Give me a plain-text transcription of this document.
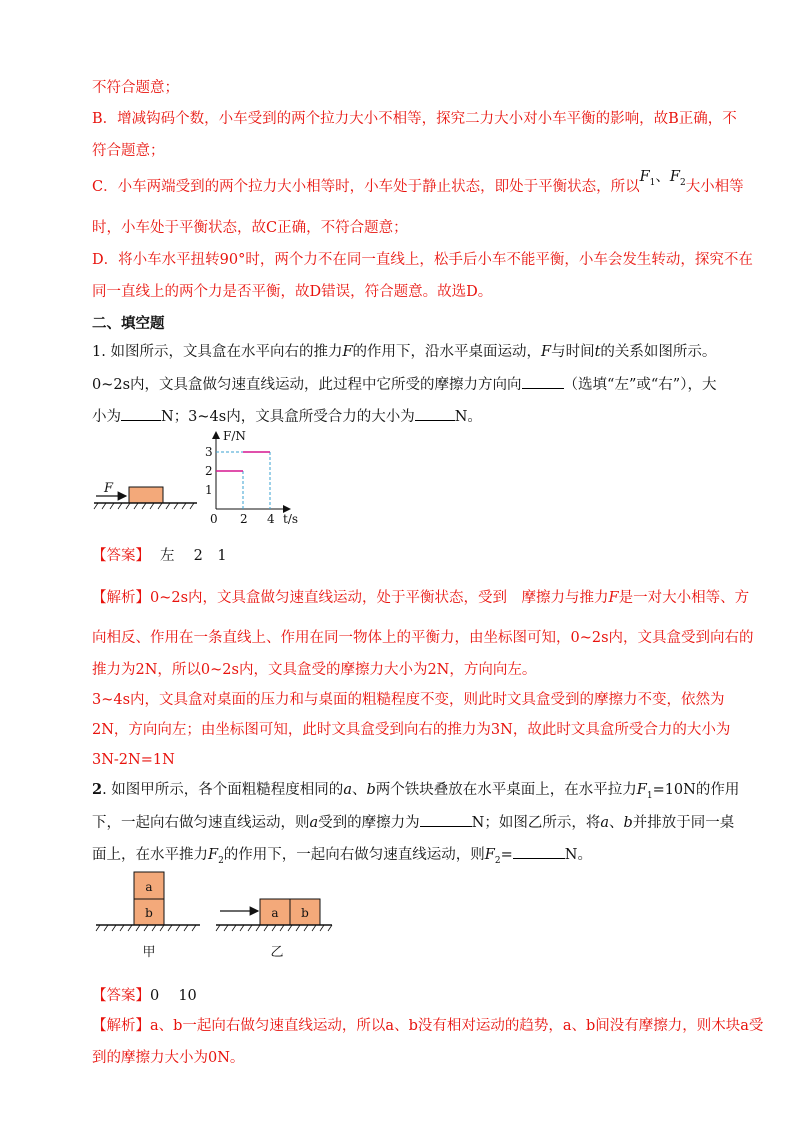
不符合题意；
B．增减钩码个数，小车受到的两个拉力大小不相等，探究二力大小对小车平衡的影响，故B正确，不
符合题意；
C．小车两端受到的两个拉力大小相等时，小车处于静止状态，即处于平衡状态，所以$F_1$、$F_2$大小相等
时，小车处于平衡状态，故C正确，不符合题意；
D．将小车水平扭转90°时，两个力不在同一直线上，松手后小车不能平衡，小车会发生转动，探究不在
同一直线上的两个力是否平衡，故D错误，符合题意。故选D。
二、填空题
1. 如图所示，文具盒在水平向右的推力F的作用下，沿水平桌面运动，F与时间t的关系如图所示。
0~2s内，文具盒做匀速直线运动，此过程中它所受的摩擦力方向向	（选填“左”或“右”），大
小为	N；3~4s内，文具盒所受合力的大小为	N。
F
F/N
t/s
0
1
2
3
2 4
【答案】 左　 2　1
【解析】0~2s内，文具盒做匀速直线运动，处于平衡状态，受到　摩擦力与推力F是一对大小相等、方
向相反、作用在一条直线上、作用在同一物体上的平衡力，由坐标图可知，0~2s内，文具盒受到向右的
推力为2N，所以0~2s内，文具盒受的摩擦力大小为2N，方向向左。
3~4s内，文具盒对桌面的压力和与桌面的粗糙程度不变，则此时文具盒受到的摩擦力不变，依然为
2N，方向向左；由坐标图可知，此时文具盒受到向右的推力为3N，故此时文具盒所受合力的大小为
3N-2N=1N
2. 如图甲所示，各个面粗糙程度相同的a、b两个铁块叠放在水平桌面上，在水平拉力$F_1=10N$的作用
下，一起向右做匀速直线运动，则a受到的摩擦力为	N；如图乙所示，将a、b并排放于同一桌
面上，在水平推力$F_2$的作用下，一起向右做匀速直线运动，则$F_2=$	N。
a
b
甲
a b
乙
【答案】0　 10
【解析】a、b一起向右做匀速直线运动，所以a、b没有相对运动的趋势，a、b间没有摩擦力，则木块a受
到的摩擦力大小为0N。
